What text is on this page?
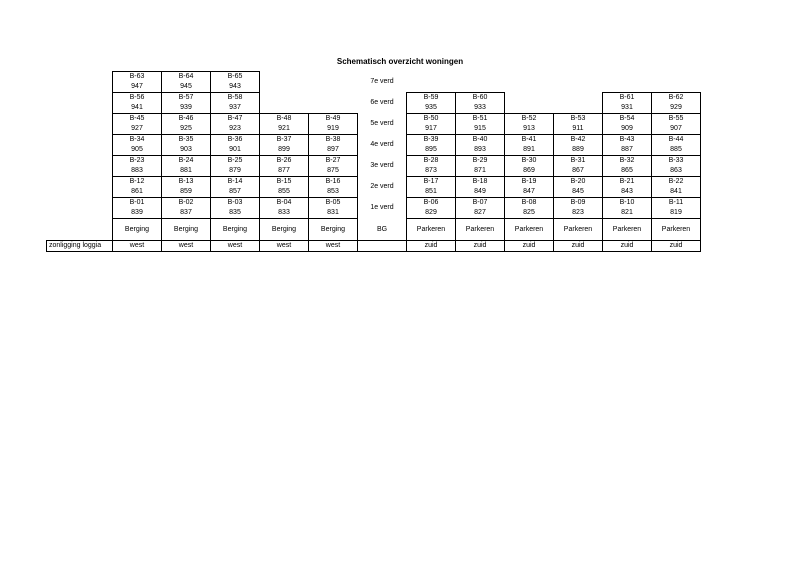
Schematisch overzicht woningen
B-01
839
B-12
861
B-23
883
B-34
905
B-45
927
B-56
941
B-63
947
Berging
west
B-02
837
B-13
859
B-24
881
B-35
903
B-46
925
B-57
939
B-64
945
Berging
west
B-03
835
B-14
857
B-25
879
B-36
901
B-47
923
B-58
937
B-65
943
Berging
west
B-04
833
B-15
855
B-26
877
B-37
899
B-48
921
Berging
west
B-05
831
B-16
853
B-27
875
B-38
897
B-49
919
Berging
west
B-06
829
B-17
851
B-28
873
B-39
895
B-50
917
B-59
935
Parkeren
zuid
B-07
827
B-18
849
B-29
871
B-40
893
B-51
915
B-60
933
Parkeren
zuid
B-08
825
B-19
847
B-30
869
B-41
891
B-52
913
Parkeren
zuid
B-09
823
B-20
845
B-31
867
B-42
889
B-53
911
Parkeren
zuid
B-10
821
B-21
843
B-32
865
B-43
887
B-54
909
B-61
931
Parkeren
zuid
B-11
819
B-22
841
B-33
863
B-44
885
B-55
907
B-62
929
Parkeren
zuid
1e verd
2e verd
3e verd
4e verd
5e verd
6e verd
7e verd
BG
zonligging loggia
